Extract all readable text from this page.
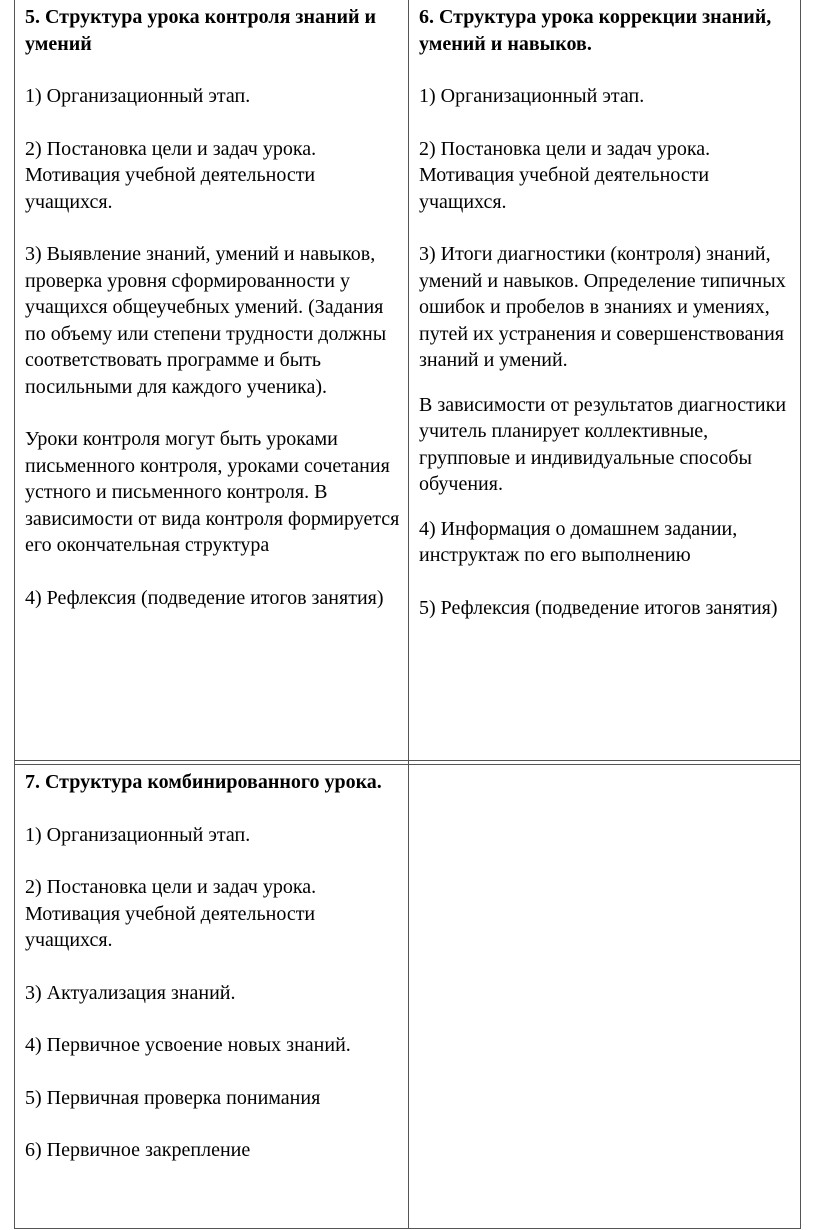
5. Структура урока контроля знаний и умений

1) Организационный этап.

2) Постановка цели и задач урока. Мотивация учебной деятельности учащихся.

3) Выявление знаний, умений и навыков, проверка уровня сформированности у учащихся общеучебных умений. (Задания по объему или степени трудности должны соответствовать программе и быть посильными для каждого ученика).

Уроки контроля могут быть уроками письменного контроля, уроками сочетания устного и письменного контроля. В зависимости от вида контроля формируется его окончательная структура

4) Рефлексия (подведение итогов занятия)

6. Структура урока коррекции знаний, умений и навыков.

1) Организационный этап.

2) Постановка цели и задач урока. Мотивация учебной деятельности учащихся.

3) Итоги диагностики (контроля) знаний, умений и навыков. Определение типичных ошибок и пробелов в знаниях и умениях, путей их устранения и совершенствования знаний и умений.

В зависимости от результатов диагностики учитель планирует коллективные, групповые и индивидуальные способы обучения.

4) Информация о домашнем задании, инструктаж по его выполнению

5) Рефлексия (подведение итогов занятия)

7. Структура комбинированного урока.

1) Организационный этап.

2) Постановка цели и задач урока. Мотивация учебной деятельности учащихся.

3) Актуализация знаний.

4) Первичное усвоение новых знаний.

5) Первичная проверка понимания

6) Первичное закрепление
